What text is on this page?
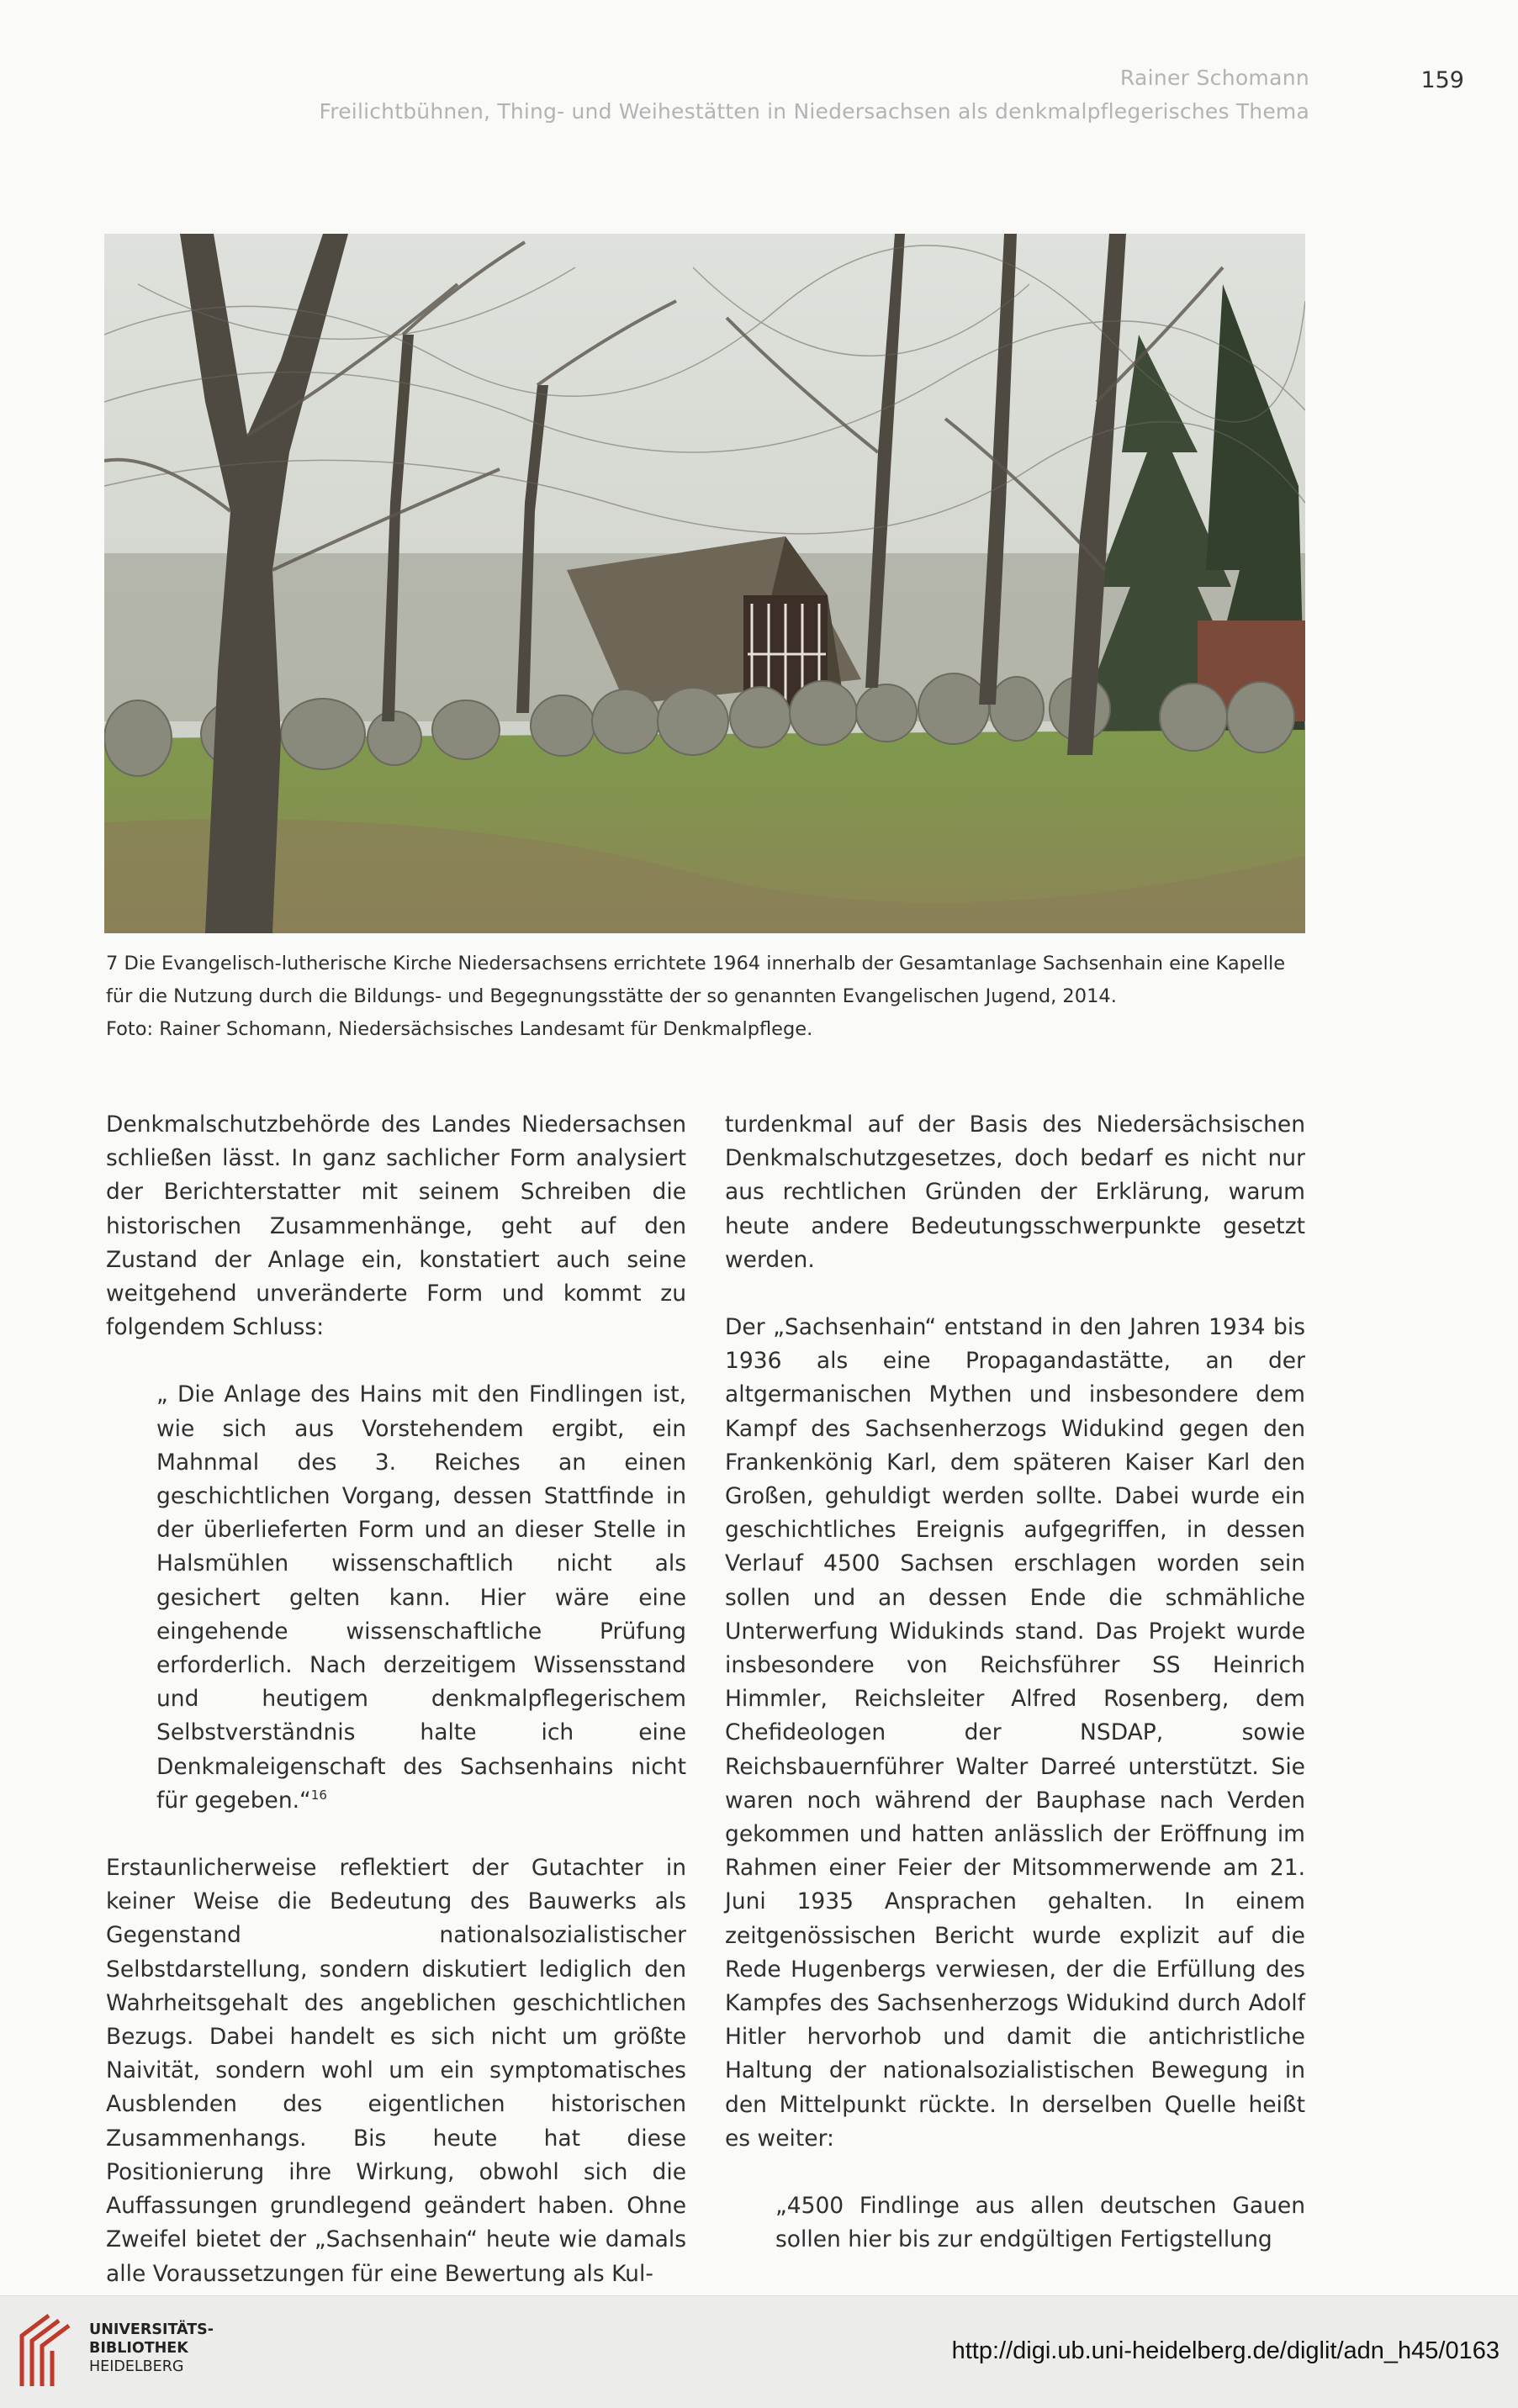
Rainer Schomann
Freilichtbühnen, Thing- und Weihestätten in Niedersachsen als denkmalpflegerisches Thema
159

7 Die Evangelisch-lutherische Kirche Niedersachsens errichtete 1964 innerhalb der Gesamtanlage Sachsenhain eine Kapelle

für die Nutzung durch die Bildungs- und Begegnungsstätte der so genannten Evangelischen Jugend, 2014.

Foto: Rainer Schomann, Niedersächsisches Landesamt für Denkmalpflege.

Denkmalschutzbehörde des Landes Niedersachsen schließen lässt. In ganz sachlicher Form analysiert der Berichterstatter mit seinem Schreiben die historischen Zusammenhänge, geht auf den Zustand der Anlage ein, konstatiert auch seine weitgehend unveränderte Form und kommt zu folgendem Schluss:

„ Die Anlage des Hains mit den Findlingen ist, wie sich aus Vorstehendem ergibt, ein Mahnmal des 3. Reiches an einen geschichtlichen Vorgang, dessen Stattfinde in der überlieferten Form und an dieser Stelle in Halsmühlen wissenschaftlich nicht als gesichert gelten kann. Hier wäre eine eingehende wissenschaftliche Prüfung erforderlich. Nach derzeitigem Wissensstand und heutigem denkmalpflegerischem Selbstverständnis halte ich eine Denkmaleigenschaft des Sachsenhains nicht für gegeben.“$^{16}$

Erstaunlicherweise reflektiert der Gutachter in keiner Weise die Bedeutung des Bauwerks als Gegenstand nationalsozialistischer Selbstdarstellung, sondern diskutiert lediglich den Wahrheitsgehalt des angeblichen geschichtlichen Bezugs. Dabei handelt es sich nicht um größte Naivität, sondern wohl um ein symptomatisches Ausblenden des eigentlichen historischen Zusammenhangs. Bis heute hat diese Positionierung ihre Wirkung, obwohl sich die Auffassungen grundlegend geändert haben. Ohne Zweifel bietet der „Sachsenhain“ heute wie damals alle Voraussetzungen für eine Bewertung als Kul-

turdenkmal auf der Basis des Niedersächsischen Denkmalschutzgesetzes, doch bedarf es nicht nur aus rechtlichen Gründen der Erklärung, warum heute andere Bedeutungsschwerpunkte gesetzt werden.

Der „Sachsenhain“ entstand in den Jahren 1934 bis 1936 als eine Propagandastätte, an der altgermanischen Mythen und insbesondere dem Kampf des Sachsenherzogs Widukind gegen den Frankenkönig Karl, dem späteren Kaiser Karl den Großen, gehuldigt werden sollte. Dabei wurde ein geschichtliches Ereignis aufgegriffen, in dessen Verlauf 4500 Sachsen erschlagen worden sein sollen und an dessen Ende die schmähliche Unterwerfung Widukinds stand. Das Projekt wurde insbesondere von Reichsführer SS Heinrich Himmler, Reichsleiter Alfred Rosenberg, dem Chefideologen der NSDAP, sowie Reichsbauernführer Walter Darreé unterstützt. Sie waren noch während der Bauphase nach Verden gekommen und hatten anlässlich der Eröffnung im Rahmen einer Feier der Mitsommerwende am 21. Juni 1935 Ansprachen gehalten. In einem zeitgenössischen Bericht wurde explizit auf die Rede Hugenbergs verwiesen, der die Erfüllung des Kampfes des Sachsenherzogs Widukind durch Adolf Hitler hervorhob und damit die antichristliche Haltung der nationalsozialistischen Bewegung in den Mittelpunkt rückte. In derselben Quelle heißt es weiter:

„4500 Findlinge aus allen deutschen Gauen sollen hier bis zur endgültigen Fertigstellung

UNIVERSITÄTS-
BIBLIOTHEK
HEIDELBERG
http://digi.ub.uni-heidelberg.de/diglit/adn_h45/0163
